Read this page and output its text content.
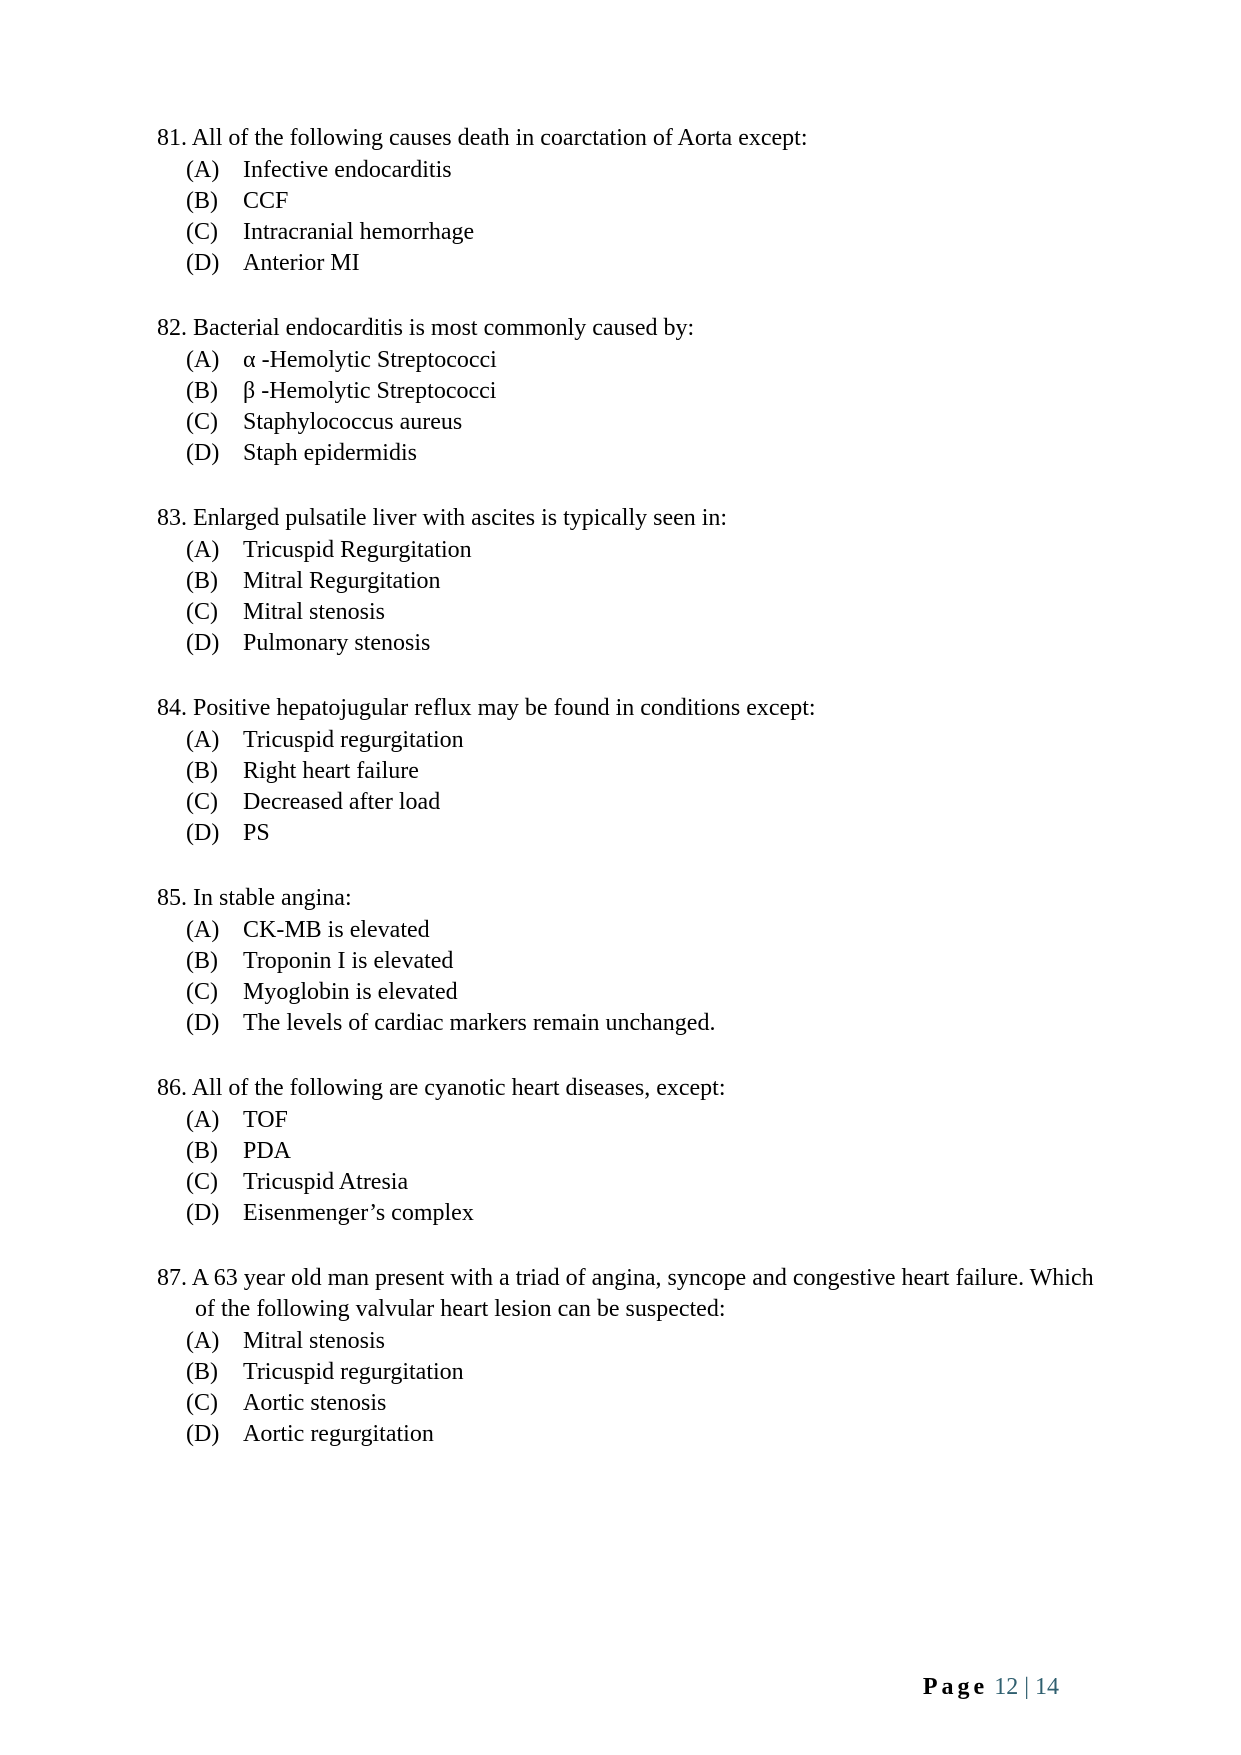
81. All of the following causes death in coarctation of Aorta except:
(A) Infective endocarditis
(B)	CCF
(C)	Intracranial hemorrhage
(D) Anterior MI
82. Bacterial endocarditis is most commonly caused by:
(A) α -Hemolytic Streptococci
(B)	β -Hemolytic Streptococci
(C)	Staphylococcus aureus
(D) Staph epidermidis
83. Enlarged pulsatile liver with ascites is typically seen in:
(A) Tricuspid Regurgitation
(B)	Mitral Regurgitation
(C)	Mitral stenosis
(D) Pulmonary stenosis
84. Positive hepatojugular reflux may be found in conditions except:
(A) Tricuspid regurgitation
(B)	Right heart failure
(C)	Decreased after load
(D) PS
85. In stable angina:
(A) CK-MB is elevated
(B)	Troponin I is elevated
(C)	Myoglobin is elevated
(D) The levels of cardiac markers remain unchanged.
86. All of the following are cyanotic heart diseases, except:
(A) TOF
(B)	PDA
(C)	Tricuspid Atresia
(D) Eisenmenger’s complex
87. A 63 year old man present with a triad of angina, syncope and congestive heart failure. Which of the following valvular heart lesion can be suspected:
(A) Mitral stenosis
(B)	Tricuspid regurgitation
(C)	Aortic stenosis
(D) Aortic regurgitation
Page 12 | 14
